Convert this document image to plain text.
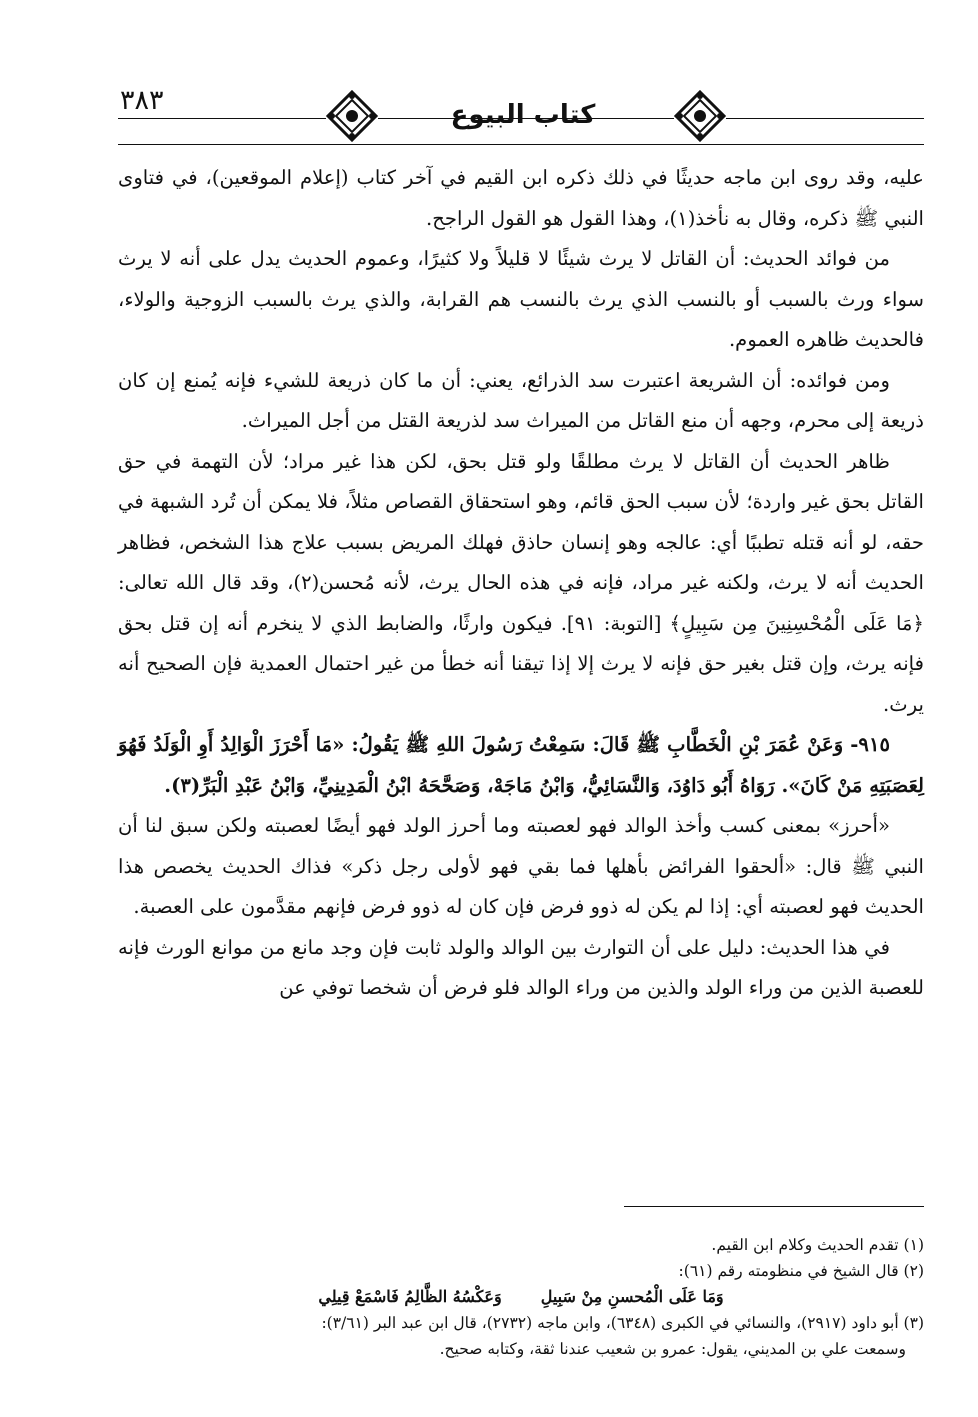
٣٨٣	كتاب البيوع

عليه، وقد روى ابن ماجه حديثًا في ذلك ذكره ابن القيم في آخر كتاب (إعلام الموقعين)، في فتاوى النبي ﷺ ذكره، وقال به نأخذ(١)، وهذا القول هو القول الراجح.

من فوائد الحديث: أن القاتل لا يرث شيئًا لا قليلاً ولا كثيرًا، وعموم الحديث يدل على أنه لا يرث سواء ورث بالسبب أو بالنسب الذي يرث بالنسب هم القرابة، والذي يرث بالسبب الزوجية والولاء، فالحديث ظاهره العموم.

ومن فوائده: أن الشريعة اعتبرت سد الذرائع، يعني: أن ما كان ذريعة للشيء فإنه يُمنع إن كان ذريعة إلى محرم، وجهه أن منع القاتل من الميراث سد لذريعة القتل من أجل الميراث.

ظاهر الحديث أن القاتل لا يرث مطلقًا ولو قتل بحق، لكن هذا غير مراد؛ لأن التهمة في حق القاتل بحق غير واردة؛ لأن سبب الحق قائم، وهو استحقاق القصاص مثلاً، فلا يمكن أن تُرد الشبهة في حقه، لو أنه قتله تطببًا أي: عالجه وهو إنسان حاذق فهلك المريض بسبب علاج هذا الشخص، فظاهر الحديث أنه لا يرث، ولكنه غير مراد، فإنه في هذه الحال يرث، لأنه مُحسن(٢)، وقد قال الله تعالى: ﴿مَا عَلَى الْمُحْسِنِينَ مِن سَبِيلٍ﴾ [التوبة: ٩١]. فيكون وارثًا، والضابط الذي لا ينخرم أنه إن قتل بحق فإنه يرث، وإن قتل بغير حق فإنه لا يرث إلا إذا تيقنا أنه خطأ من غير احتمال العمدية فإن الصحيح أنه يرث.

٩١٥- وَعَنْ عُمَرَ بْنِ الْخَطَّابِ ﷺ قَالَ: سَمِعْتُ رَسُولَ اللهِ ﷺ يَقُولُ: «مَا أَحْرَزَ الْوَالِدُ أَوِ الْوَلَدُ فَهُوَ لِعَصَبَتِهِ مَنْ كَانَ». رَوَاهُ أَبُو دَاوُدَ، وَالنَّسَائِيُّ، وَابْنُ مَاجَهْ، وَصَحَّحَهُ ابْنُ الْمَدِينِيِّ، وَابْنُ عَبْدِ الْبَرِّ(٣).

«أحرز» بمعنى كسب وأخذ الوالد فهو لعصبته وما أحرز الولد فهو أيضًا لعصبته ولكن سبق لنا أن النبي ﷺ قال: «ألحقوا الفرائض بأهلها فما بقي فهو لأولى رجل ذكر» فذاك الحديث يخصص هذا الحديث فهو لعصبته أي: إذا لم يكن له ذوو فرض فإن كان له ذوو فرض فإنهم مقدَّمون على العصبة.

في هذا الحديث: دليل على أن التوارث بين الوالد والولد ثابت فإن وجد مانع من موانع الورث فإنه للعصبة الذين من وراء الولد والذين من وراء الوالد فلو فرض أن شخصا توفي عن

(١) تقدم الحديث وكلام ابن القيم.

(٢) قال الشيخ في منظومته رقم (٦١):

وَمَا عَلَى الْمُحسنِ مِنْ سَبِيلِ       وَعَكْسُهُ الظَّالِمُ فَاسْمَعْ قِيلِي

(٣) أبو داود (٢٩١٧)، والنسائي في الكبرى (٦٣٤٨)، وابن ماجه (٢٧٣٢)، قال ابن عبد البر (٣/٦١):

وسمعت علي بن المديني، يقول: عمرو بن شعيب عندنا ثقة، وكتابه صحيح.
